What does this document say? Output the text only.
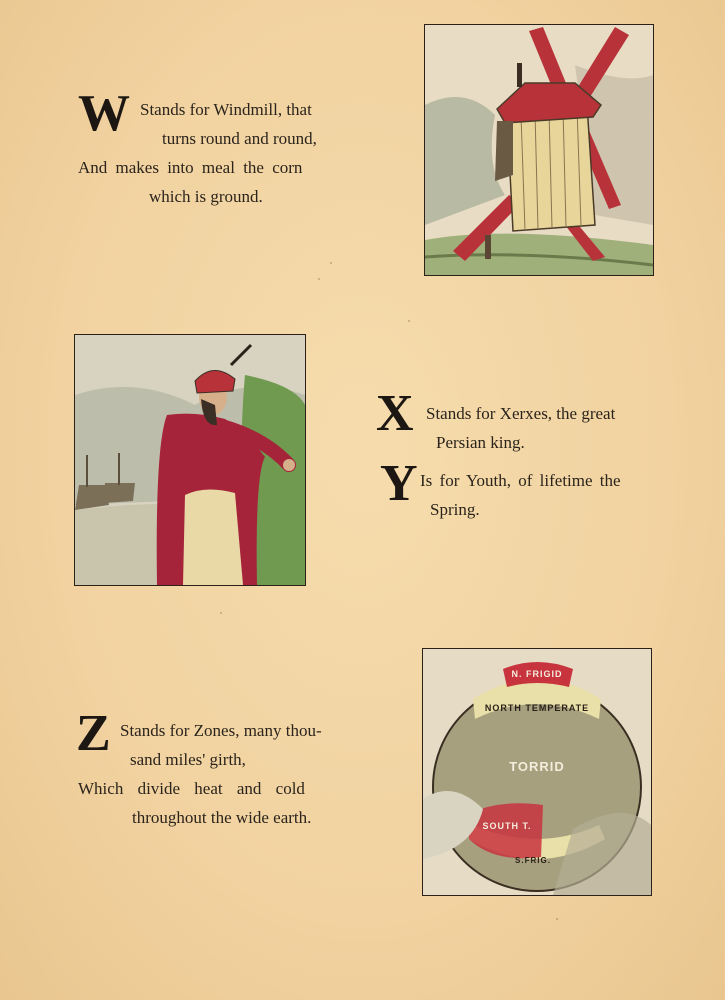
W Stands for Windmill, that
turns round and round,
And makes into meal the corn
which is ground.
X Stands for Xerxes, the great
Persian king.
Y Is for Youth, of lifetime the
Spring.
N. FRIGID
NORTH TEMPERATE
TORRID
SOUTH T.
S.FRIG.
Z Stands for Zones, many thou-
sand miles' girth,
Which divide heat and cold
throughout the wide earth.
